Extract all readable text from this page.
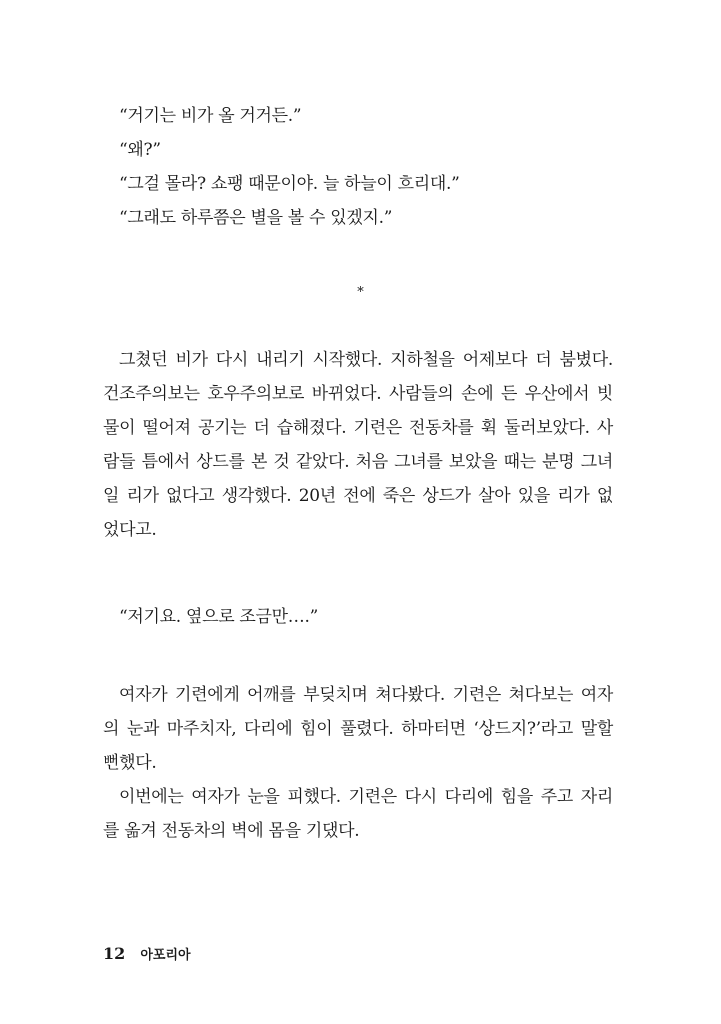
“거기는 비가 올 거거든.”
“왜?”
“그걸 몰라? 쇼팽 때문이야. 늘 하늘이 흐리대.”
“그래도 하루쯤은 별을 볼 수 있겠지.”
*
그쳤던 비가 다시 내리기 시작했다. 지하철을 어제보다 더 붐볐다.
건조주의보는 호우주의보로 바뀌었다. 사람들의 손에 든 우산에서 빗
물이 떨어져 공기는 더 습해졌다. 기련은 전동차를 휙 둘러보았다. 사
람들 틈에서 상드를 본 것 같았다. 처음 그녀를 보았을 때는 분명 그녀
일 리가 없다고 생각했다. 20년 전에 죽은 상드가 살아 있을 리가 없
었다고.
“저기요. 옆으로 조금만….”
여자가 기련에게 어깨를 부딪치며 쳐다봤다. 기련은 쳐다보는 여자
의 눈과 마주치자, 다리에 힘이 풀렸다. 하마터면 ‘상드지?’라고 말할
뻔했다.
이번에는 여자가 눈을 피했다. 기련은 다시 다리에 힘을 주고 자리
를 옮겨 전동차의 벽에 몸을 기댔다.
12 아포리아
